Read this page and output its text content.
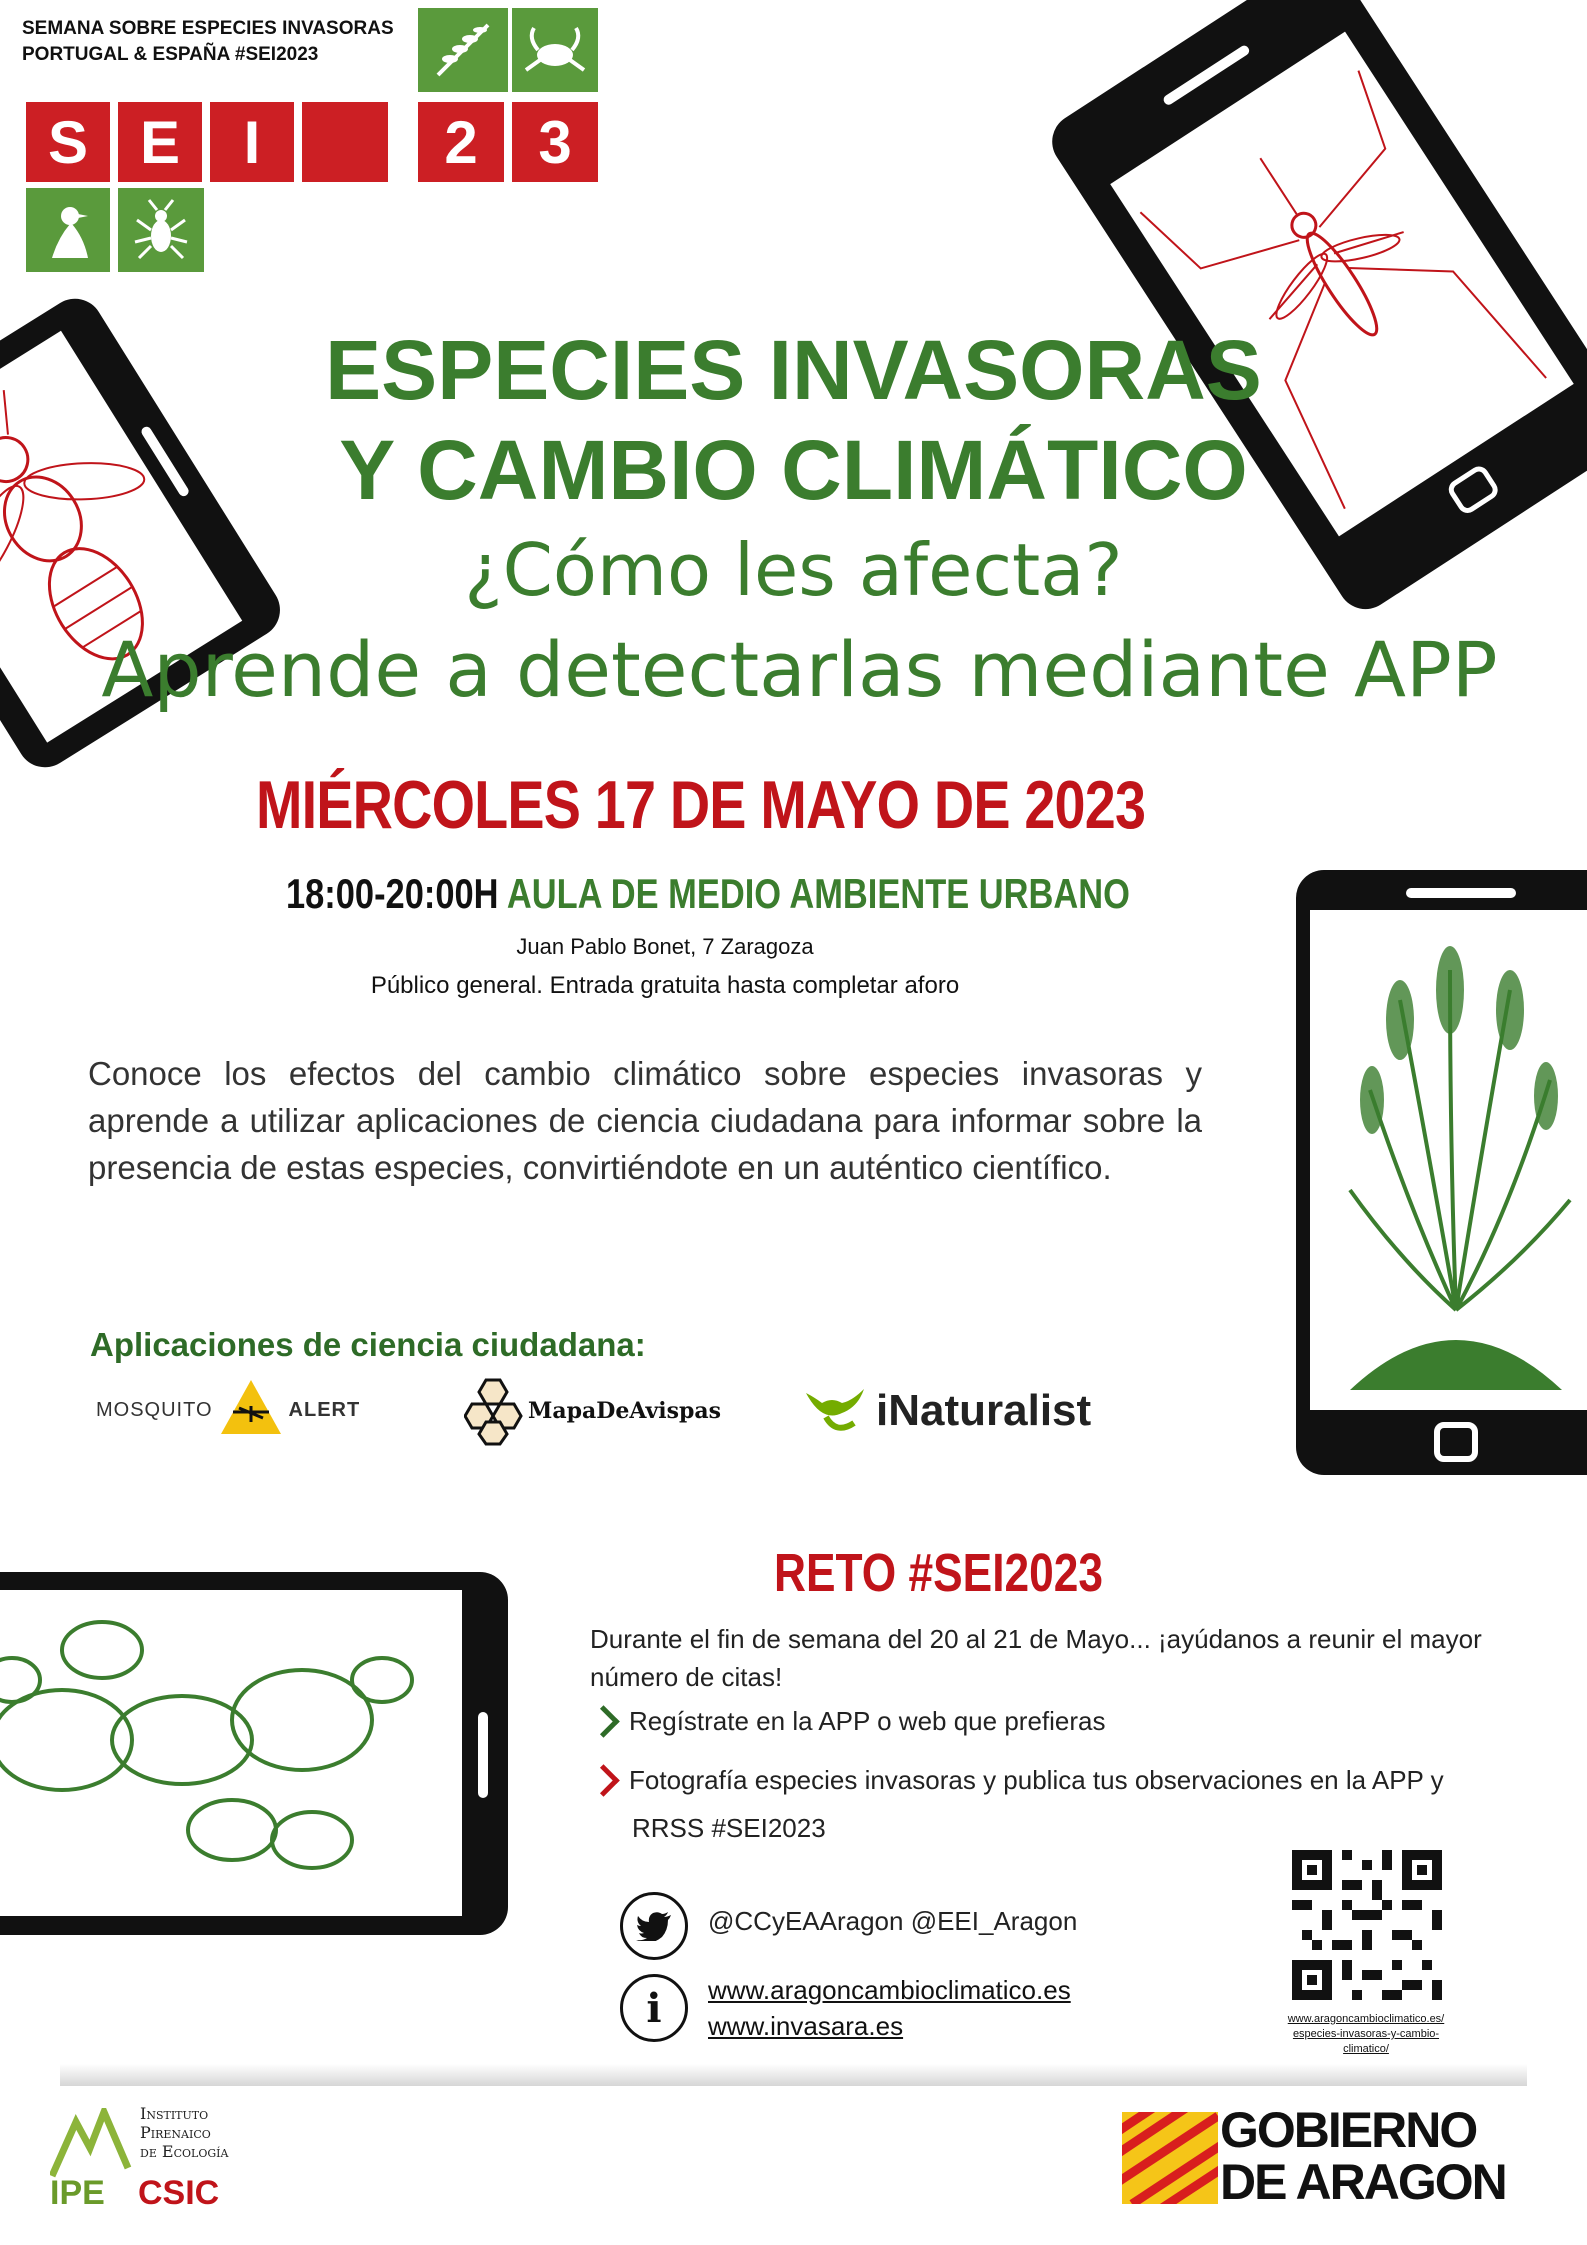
SEMANA SOBRE ESPECIES INVASORAS
PORTUGAL & ESPAÑA #SEI2023
S E	I	2	3
ESPECIES INVASORAS
Y CAMBIO CLIMÁTICO
¿Cómo les afecta?
Aprende a detectarlas mediante APP
MIÉRCOLES 17 DE MAYO DE 2023
18:00-20:00H AULA DE MEDIO AMBIENTE URBANO
Juan Pablo Bonet, 7 Zaragoza
Público general. Entrada gratuita hasta completar aforo
Conoce los efectos del cambio climático sobre especies invasoras y aprende a utilizar aplicaciones de ciencia ciudadana para informar sobre la presencia de estas especies, convirtiéndote en un auténtico científico.
Aplicaciones de ciencia ciudadana:
MOSQUITO	ALERT	MapaDeAvispas	iNaturalist
RETO #SEI2023
Durante el fin de semana del 20 al 21 de Mayo... ¡ayúdanos a reunir el mayor número de citas!
Regístrate en la APP o web que prefieras
Fotografía especies invasoras y publica tus observaciones en la APP y
RRSS #SEI2023
@CCyEAAragon @EEI_Aragon
i www.aragoncambioclimatico.es
www.invasara.es	www.aragoncambioclimatico.es/
especies-invasoras-y-cambio-
climatico/
Instituto
Pirenaico
de Ecología
IPE CSIC
GOBIERNO
DE ARAGON
